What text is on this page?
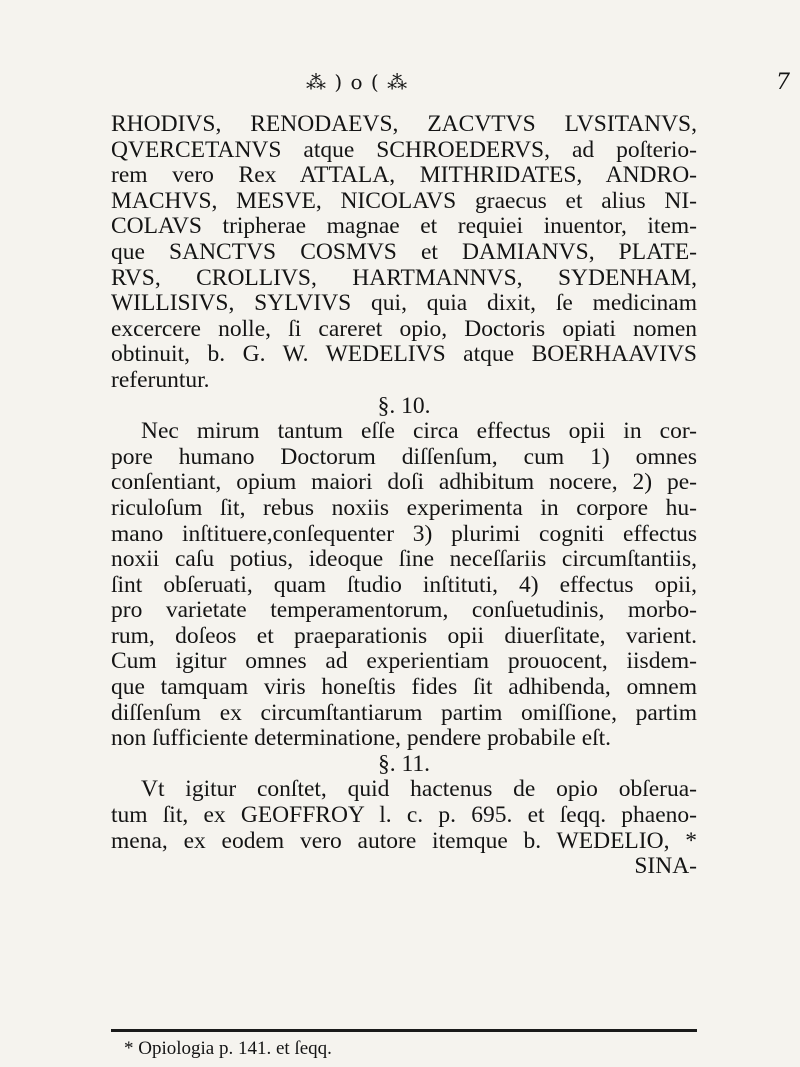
⁂ ) o ( ⁂	7
RHODIVS, RENODAEVS, ZACVTVS LVSITANVS,
QVERCETANVS atque SCHROEDERVS, ad poſterio-
rem vero Rex ATTALA, MITHRIDATES, ANDRO-
MACHVS, MESVE, NICOLAVS graecus et alius NI-
COLAVS tripherae magnae et requiei inuentor, item-
que SANCTVS COSMVS et DAMIANVS, PLATE-
RVS, CROLLIVS, HARTMANNVS, SYDENHAM,
WILLISIVS, SYLVIVS qui, quia dixit, ſe medicinam
excercere nolle, ſi careret opio, Doctoris opiati nomen
obtinuit, b. G. W. WEDELIVS atque BOERHAAVIVS
referuntur.
§. 10.
Nec mirum tantum eſſe circa effectus opii in cor-
pore humano Doctorum diſſenſum, cum 1) omnes
conſentiant, opium maiori doſi adhibitum nocere, 2) pe-
riculoſum ſit, rebus noxiis experimenta in corpore hu-
mano inſtituere,conſequenter 3) plurimi cogniti effectus
noxii caſu potius, ideoque ſine neceſſariis circumſtantiis,
ſint obſeruati, quam ſtudio inſtituti, 4) effectus opii,
pro varietate temperamentorum, conſuetudinis, morbo-
rum, doſeos et praeparationis opii diuerſitate, varient.
Cum igitur omnes ad experientiam prouocent, iisdem-
que tamquam viris honeſtis fides ſit adhibenda, omnem
diſſenſum ex circumſtantiarum partim omiſſione, partim
non ſufficiente determinatione, pendere probabile eſt.
§. 11.
Vt igitur conſtet, quid hactenus de opio obſerua-
tum ſit, ex GEOFFROY l. c. p. 695. et ſeqq. phaeno-
mena, ex eodem vero autore itemque b. WEDELIO, *
SINA-
* Opiologia p. 141. et ſeqq.
